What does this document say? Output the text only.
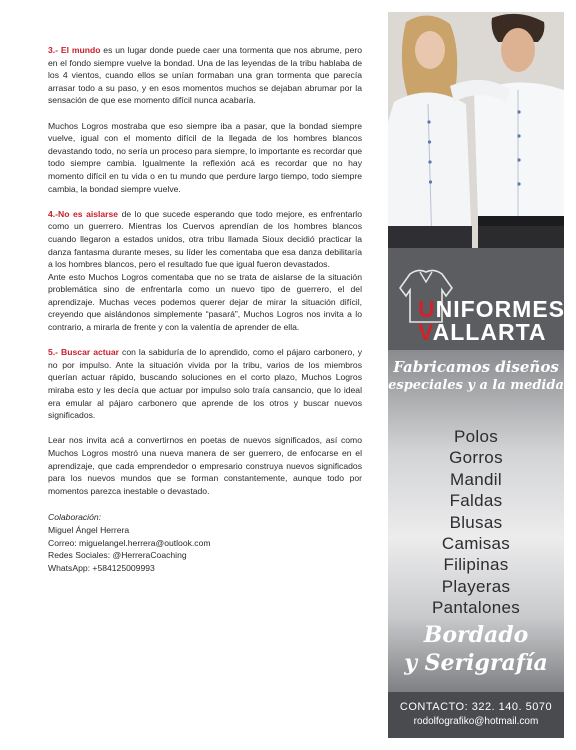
3.- El mundo es un lugar donde puede caer una tormenta que nos abrume, pero en el fondo siempre vuelve la bondad. Una de las leyendas de la tribu hablaba de los 4 vientos, cuando ellos se unían formaban una gran tormenta que parecía arrasar todo a su paso, y en esos momentos muchos se dejaban abrumar por la sensación de que ese momento difícil nunca acabaría.

Muchos Logros mostraba que eso siempre iba a pasar, que la bondad siempre vuelve, igual con el momento difícil de la llegada de los hombres blancos devastando todo, no sería un proceso para siempre, lo importante es recordar que todo siempre cambia. Igualmente la reflexión acá es recordar que no hay momento difícil en tu vida o en tu mundo que perdure largo tiempo, todo siempre cambia, la bondad siempre vuelve.

4.-No es aislarse de lo que sucede esperando que todo mejore, es enfrentarlo como un guerrero. Mientras los Cuervos aprendían de los hombres blancos cuando llegaron a estados unidos, otra tribu llamada Sioux decidió practicar la danza fantasma durante meses, su líder les comentaba que esa danza debilitaría a los hombres blancos, pero el resultado fue que igual fueron devastados.

Ante esto Muchos Logros comentaba que no se trata de aislarse de la situación problemática sino de enfrentarla como un nuevo tipo de guerrero, el del aprendizaje. Muchas veces podemos querer dejar de mirar la situación difícil, creyendo que aislándonos simplemente “pasará”, Muchos Logros nos invita a lo contrario, a mirarla de frente y con la valentía de aprender de ella.

5.- Buscar actuar con la sabiduría de lo aprendido, como el pájaro carbonero, y no por impulso. Ante la situación vivida por la tribu, varios de los miembros querían actuar rápido, buscando soluciones en el corto plazo, Muchos Logros miraba esto y les decía que actuar por impulso solo traía cansancio, que lo ideal era emular al pájaro carbonero que aprende de los otros y buscar nuevos significados.

Lear nos invita acá a convertirnos en poetas de nuevos significados, así como Muchos Logros mostró una nueva manera de ser guerrero, de enfocarse en el aprendizaje, que cada emprendedor o empresario construya nuevos significados para los nuevos mundos que se forman constantemente, aunque todo por momentos parezca inestable o devastado.

Colaboración:
Miguel Ángel Herrera
Correo: miguelangel.herrera@outlook.com
Redes Sociales: @HerreraCoaching
WhatsApp: +584125009993
UNIFORMES
VALLARTA
Fabricamos diseños
especiales y a la medida
Polos
Gorros
Mandil
Faldas
Blusas
Camisas
Filipinas
Playeras
Pantalones
Bordado
y Serigrafía
CONTACTO: 322. 140. 5070
rodolfografiko@hotmail.com
